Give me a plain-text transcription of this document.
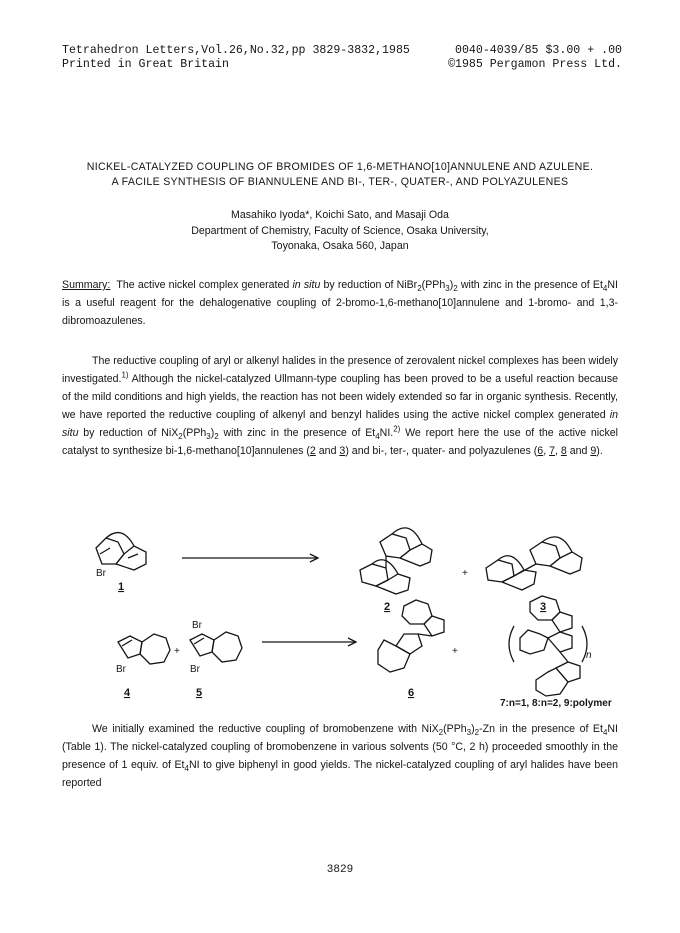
Tetrahedron Letters,Vol.26,No.32,pp 3829-3832,1985	0040-4039/85 $3.00 + .00
Printed in Great Britain	©1985 Pergamon Press Ltd.
NICKEL-CATALYZED COUPLING OF BROMIDES OF 1,6-METHANO[10]ANNULENE AND AZULENE.
A FACILE SYNTHESIS OF BIANNULENE AND BI-, TER-, QUATER-, AND POLYAZULENES
Masahiko Iyoda*, Koichi Sato, and Masaji Oda
Department of Chemistry, Faculty of Science, Osaka University,
Toyonaka, Osaka 560, Japan
Summary: The active nickel complex generated in situ by reduction of $NiBr_2(PPh_3)_2$ with zinc in the presence of $Et_4NI$ is a useful reagent for the dehalogenative coupling of 2-bromo-1,6-methano[10]annulene and 1-bromo- and 1,3-dibromoazulenes.
The reductive coupling of aryl or alkenyl halides in the presence of zerovalent nickel complexes has been widely investigated.$^{1)}$ Although the nickel-catalyzed Ullmann-type coupling has been proved to be a useful reaction because of the mild conditions and high yields, the reaction has not been widely extended so far in organic synthesis. Recently, we have reported the reductive coupling of alkenyl and benzyl halides using the active nickel complex generated in situ by reduction of $NiX_2(PPh_3)_2$ with zinc in the presence of $Et_4NI.^{2)}$ We report here the use of the active nickel catalyst to synthesize bi-1,6-methano[10]annulenes (2 and 3) and bi-, ter-, quater- and polyazulenes (6, 7, 8 and 9).
Br
1
2
+
3
Br
+
Br
Br
4	5
+
6
n
7:n=1, 8:n=2, 9:polymer
We initially examined the reductive coupling of bromobenzene with $NiX_2(PPh_3)_2-Zn$ in the presence of $Et_4NI$ (Table 1). The nickel-catalyzed coupling of bromobenzene in various solvents (50 °C, 2 h) proceeded smoothly in the presence of 1 equiv. of $Et_4NI$ to give biphenyl in good yields. The nickel-catalyzed coupling of aryl halides have been reported
3829
